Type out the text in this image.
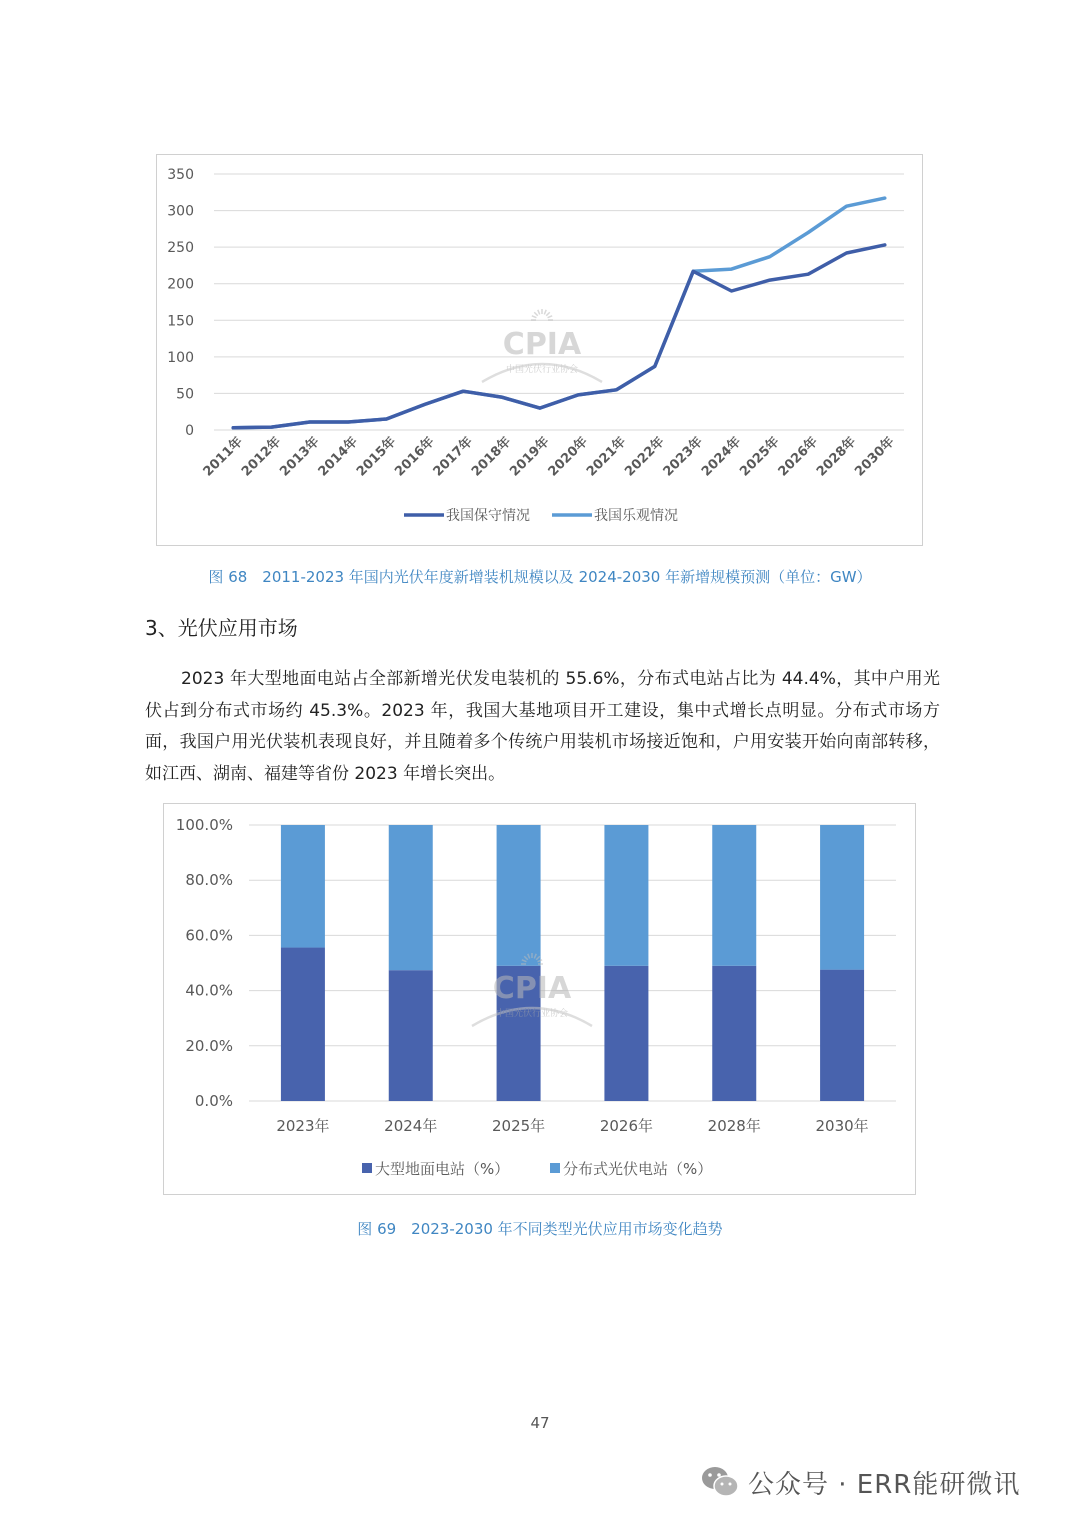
0
50
100
150
200
250
300
350
2011年
2012年
2013年
2014年
2015年
2016年
2017年
2018年
2019年
2020年
2021年
2022年
2023年
2024年
2025年
2026年
2028年
2030年
CPIA
中国光伏行业协会
我国保守情况	我国乐观情况
图 68　2011-2023 年国内光伏年度新增装机规模以及 2024-2030 年新增规模预测（单位：GW）
3、光伏应用市场
2023 年大型地面电站占全部新增光伏发电装机的 55.6%，分布式电站占比为 44.4%，其中户用光伏占到分布式市场约 45.3%。2023 年，我国大基地项目开工建设，集中式增长点明显。分布式市场方面，我国户用光伏装机表现良好，并且随着多个传统户用装机市场接近饱和，户用安装开始向南部转移，如江西、湖南、福建等省份 2023 年增长突出。
0.0%
20.0%
40.0%
60.0%
80.0%
100.0%
2023年	2024年	2025年	2026年	2028年	2030年
CPIA
中国光伏行业协会
大型地面电站（%）	分布式光伏电站（%）
图 69　2023-2030 年不同类型光伏应用市场变化趋势
47
公众号 · ERR能研微讯
